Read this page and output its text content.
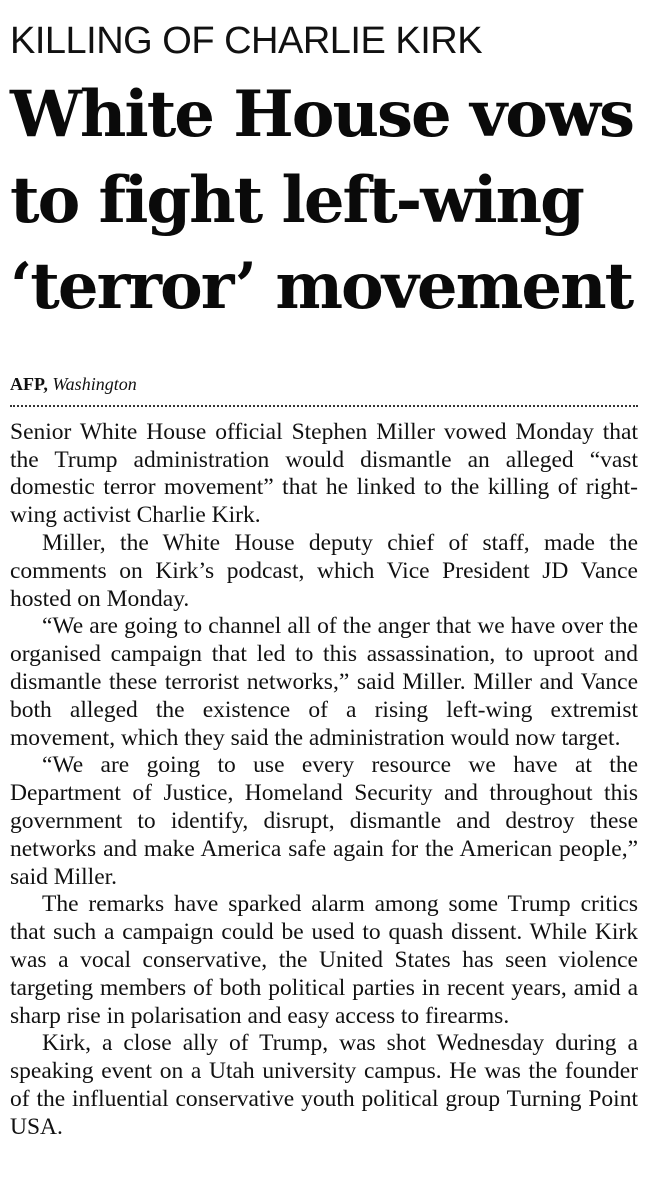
KILLING OF CHARLIE KIRK
White House vows
to fight left-wing
‘terror’ movement
AFP, Washington

Senior White House official Stephen Miller vowed Monday that the Trump administration would dismantle an alleged “vast domestic terror movement” that he linked to the killing of right-wing activist Charlie Kirk.

Miller, the White House deputy chief of staff, made the comments on Kirk’s podcast, which Vice President JD Vance hosted on Monday.

“We are going to channel all of the anger that we have over the organised campaign that led to this assassination, to uproot and dismantle these terrorist networks,” said Miller. Miller and Vance both alleged the existence of a rising left-wing extremist movement, which they said the administration would now target.

“We are going to use every resource we have at the Department of Justice, Homeland Security and throughout this government to identify, disrupt, dismantle and destroy these networks and make America safe again for the American people,” said Miller.

The remarks have sparked alarm among some Trump critics that such a campaign could be used to quash dissent. While Kirk was a vocal conservative, the United States has seen violence targeting members of both political parties in recent years, amid a sharp rise in polarisation and easy access to firearms.

Kirk, a close ally of Trump, was shot Wednesday during a speaking event on a Utah university campus. He was the founder of the influential conservative youth political group Turning Point USA.
